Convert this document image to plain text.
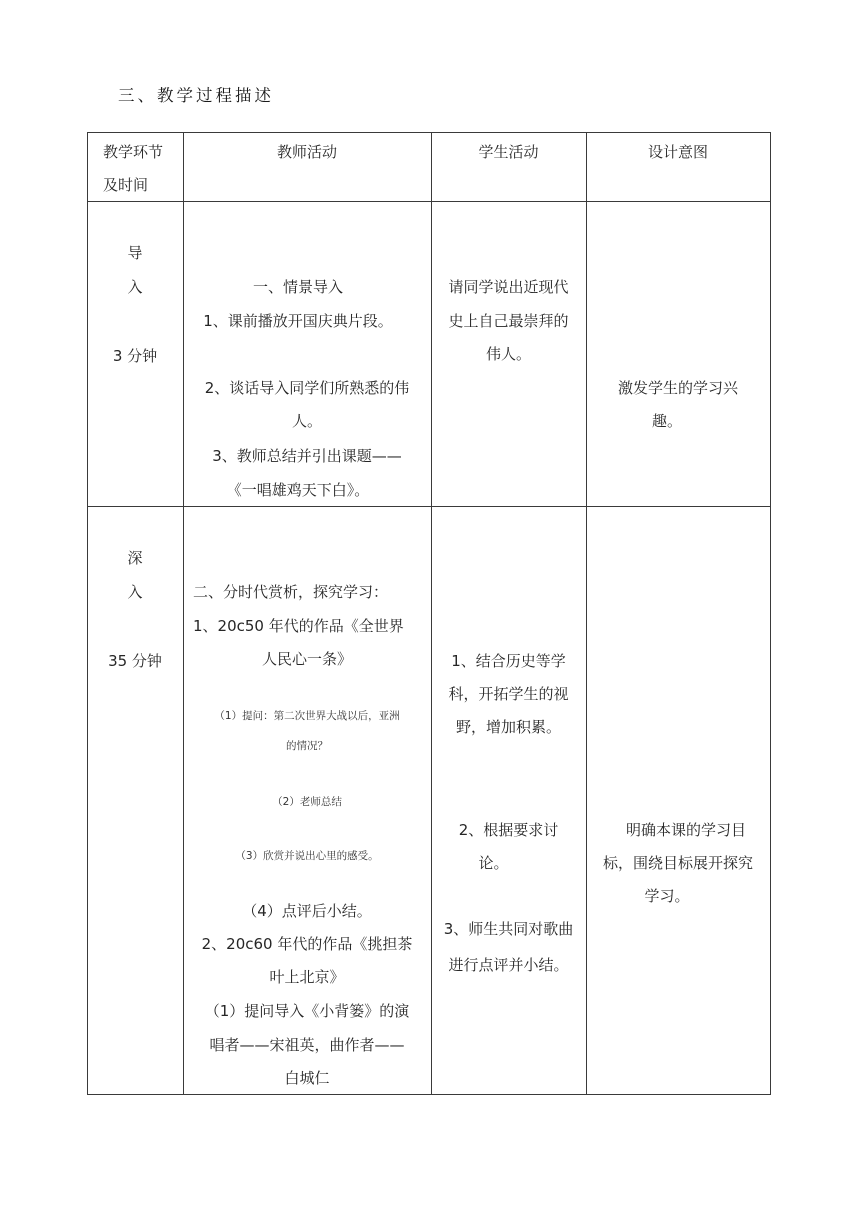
三、教学过程描述
教学环节
及时间
教师活动	学生活动	设计意图
导
入
3 分钟
一、情景导入
1、课前播放开国庆典片段。
2、谈话导入同学们所熟悉的伟
人。
3、教师总结并引出课题——
《一唱雄鸡天下白》。
请同学说出近现代
史上自己最崇拜的
伟人。
激发学生的学习兴
趣。
深
入
35 分钟
二、分时代赏析，探究学习：
1、20c50 年代的作品《全世界
人民心一条》
（1）提问：第二次世界大战以后，亚洲
的情况？
（2）老师总结
（3）欣赏并说出心里的感受。
（4）点评后小结。
2、20c60 年代的作品《挑担茶
叶上北京》
（1）提问导入《小背篓》的演
唱者——宋祖英，曲作者——
白城仁
1、结合历史等学
科，开拓学生的视
野，增加积累。
2、根据要求讨
论。
3、师生共同对歌曲
进行点评并小结。
明确本课的学习目
标，围绕目标展开探究
学习。
